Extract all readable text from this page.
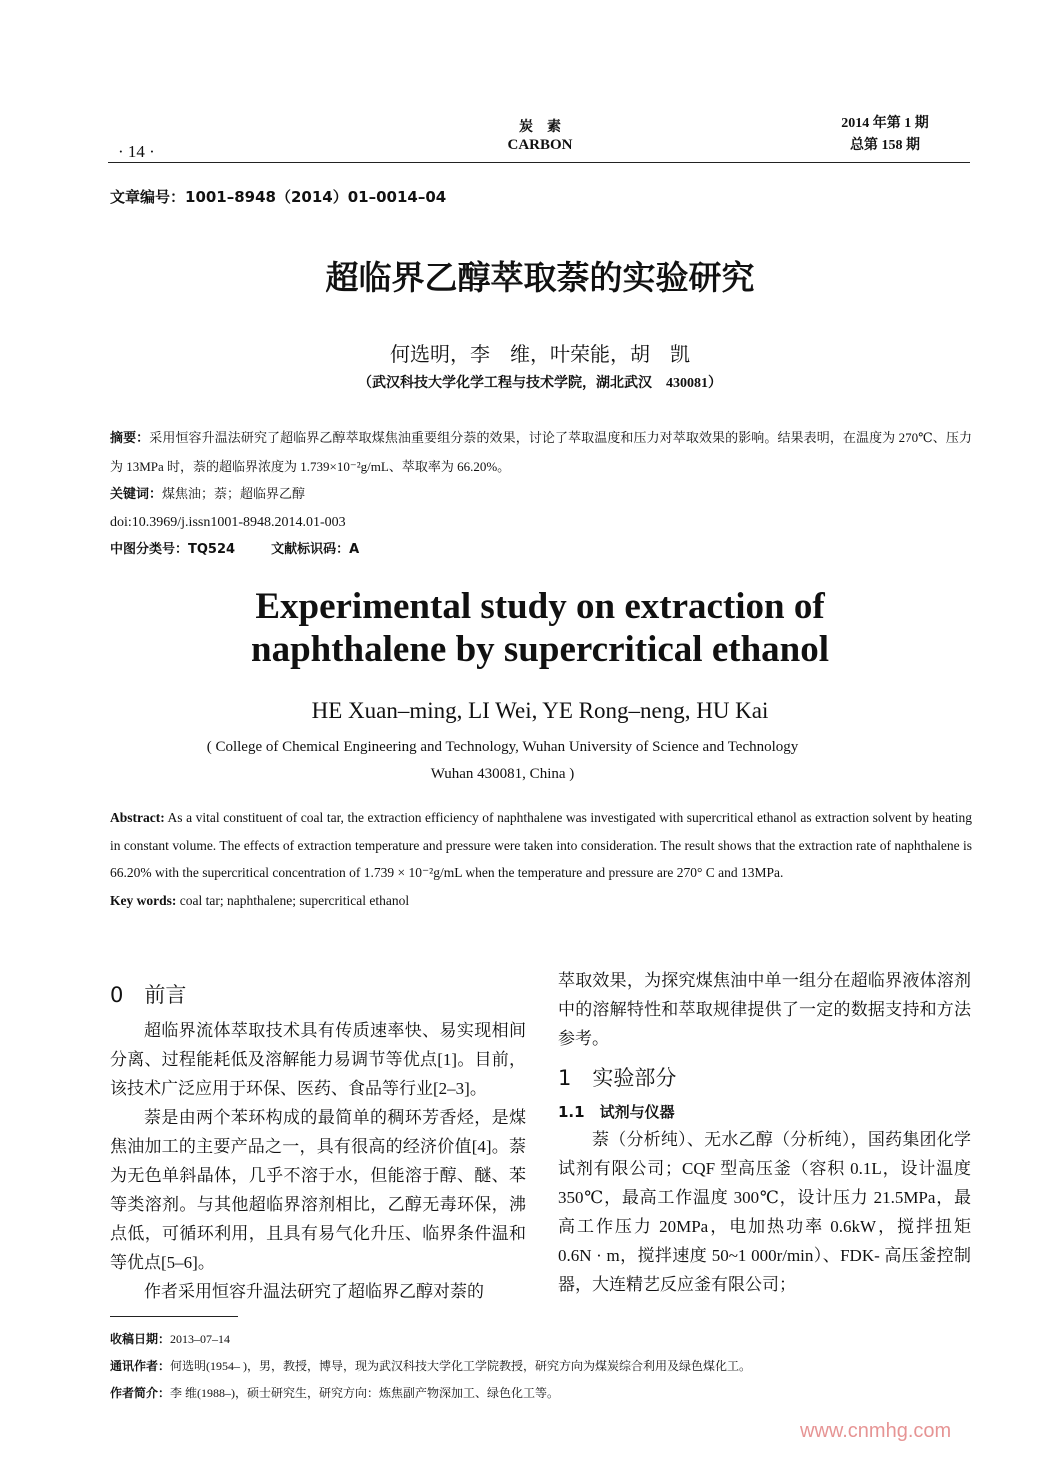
· 14 ·
炭　素
CARBON
2014 年第 1 期
总第 158 期
文章编号：1001–8948（2014）01–0014–04
超临界乙醇萃取萘的实验研究
何选明，李　维，叶荣能，胡　凯
（武汉科技大学化学工程与技术学院，湖北武汉　430081）
摘要：采用恒容升温法研究了超临界乙醇萃取煤焦油重要组分萘的效果，讨论了萃取温度和压力对萃取效果的影响。结果表明，在温度为 270℃、压力为 13MPa 时，萘的超临界浓度为 1.739×10⁻²g/mL、萃取率为 66.20%。
关键词：煤焦油；萘；超临界乙醇
doi:10.3969/j.issn1001-8948.2014.01-003
中图分类号：TQ524	文献标识码：A
Experimental study on extraction of
naphthalene by supercritical ethanol
HE Xuan–ming, LI Wei, YE Rong–neng, HU Kai
( College of Chemical Engineering and Technology, Wuhan University of Science and Technology
Wuhan 430081, China )
Abstract: As a vital constituent of coal tar, the extraction efficiency of naphthalene was investigated with supercritical ethanol as extraction solvent by heating in constant volume. The effects of extraction temperature and pressure were taken into consideration. The result shows that the extraction rate of naphthalene is 66.20% with the supercritical concentration of 1.739 × 10⁻²g/mL when the temperature and pressure are 270° C and 13MPa.
Key words: coal tar; naphthalene; supercritical ethanol
0　前言

超临界流体萃取技术具有传质速率快、易实现相间分离、过程能耗低及溶解能力易调节等优点[1]。目前，该技术广泛应用于环保、医药、食品等行业[2–3]。

萘是由两个苯环构成的最简单的稠环芳香烃，是煤焦油加工的主要产品之一，具有很高的经济价值[4]。萘为无色单斜晶体，几乎不溶于水，但能溶于醇、醚、苯等类溶剂。与其他超临界溶剂相比，乙醇无毒环保，沸点低，可循环利用，且具有易气化升压、临界条件温和等优点[5–6]。

作者采用恒容升温法研究了超临界乙醇对萘的

萃取效果，为探究煤焦油中单一组分在超临界液体溶剂中的溶解特性和萃取规律提供了一定的数据支持和方法参考。
1　实验部分
1.1　试剂与仪器

萘（分析纯）、无水乙醇（分析纯），国药集团化学试剂有限公司；CQF 型高压釜（容积 0.1L，设计温度 350℃，最高工作温度 300℃，设计压力 21.5MPa，最高工作压力 20MPa，电加热功率 0.6kW，搅拌扭矩 0.6N · m，搅拌速度 50~1 000r/min）、FDK- 高压釜控制器，大连精艺反应釜有限公司；

收稿日期：2013–07–14
通讯作者：何选明(1954– )，男，教授，博导，现为武汉科技大学化工学院教授，研究方向为煤炭综合利用及绿色煤化工。
作者简介：李 维(1988–)，硕士研究生，研究方向：炼焦副产物深加工、绿色化工等。
www.cnmhg.com
